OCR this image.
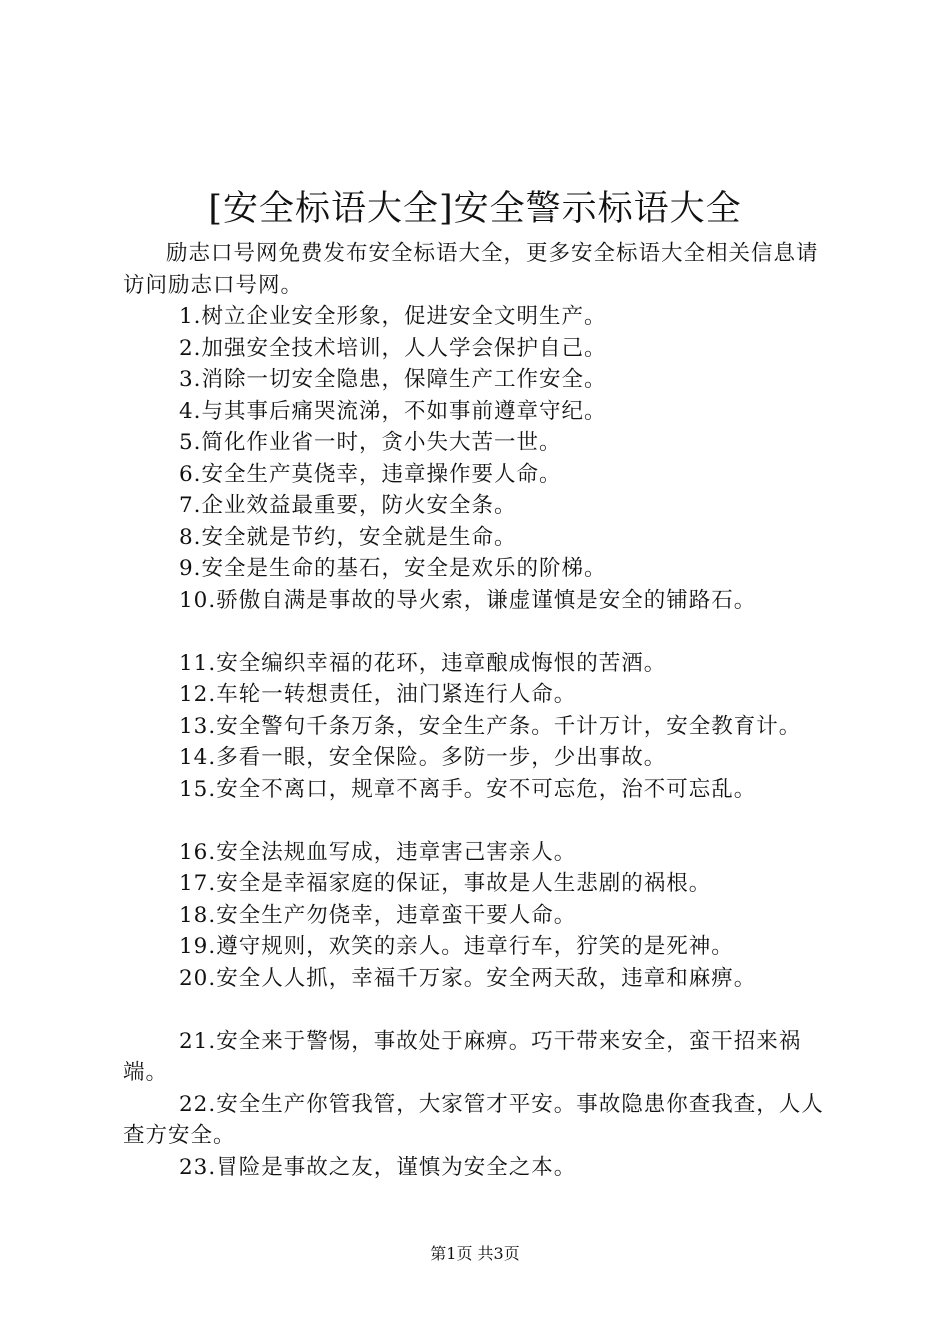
[安全标语大全]安全警示标语大全

励志口号网免费发布安全标语大全，更多安全标语大全相关信息请访问励志口号网。

1.树立企业安全形象，促进安全文明生产。

2.加强安全技术培训，人人学会保护自己。

3.消除一切安全隐患，保障生产工作安全。

4.与其事后痛哭流涕，不如事前遵章守纪。

5.简化作业省一时，贪小失大苦一世。

6.安全生产莫侥幸，违章操作要人命。

7.企业效益最重要，防火安全条。

8.安全就是节约，安全就是生命。

9.安全是生命的基石，安全是欢乐的阶梯。

10.骄傲自满是事故的导火索，谦虚谨慎是安全的铺路石。

11.安全编织幸福的花环，违章酿成悔恨的苦酒。

12.车轮一转想责任，油门紧连行人命。

13.安全警句千条万条，安全生产条。千计万计，安全教育计。

14.多看一眼，安全保险。多防一步，少出事故。

15.安全不离口，规章不离手。安不可忘危，治不可忘乱。

16.安全法规血写成，违章害己害亲人。

17.安全是幸福家庭的保证，事故是人生悲剧的祸根。

18.安全生产勿侥幸，违章蛮干要人命。

19.遵守规则，欢笑的亲人。违章行车，狞笑的是死神。

20.安全人人抓，幸福千万家。安全两天敌，违章和麻痹。

21.安全来于警惕，事故处于麻痹。巧干带来安全，蛮干招来祸端。

22.安全生产你管我管，大家管才平安。事故隐患你查我查，人人查方安全。

23.冒险是事故之友，谨慎为安全之本。

第1页 共3页
